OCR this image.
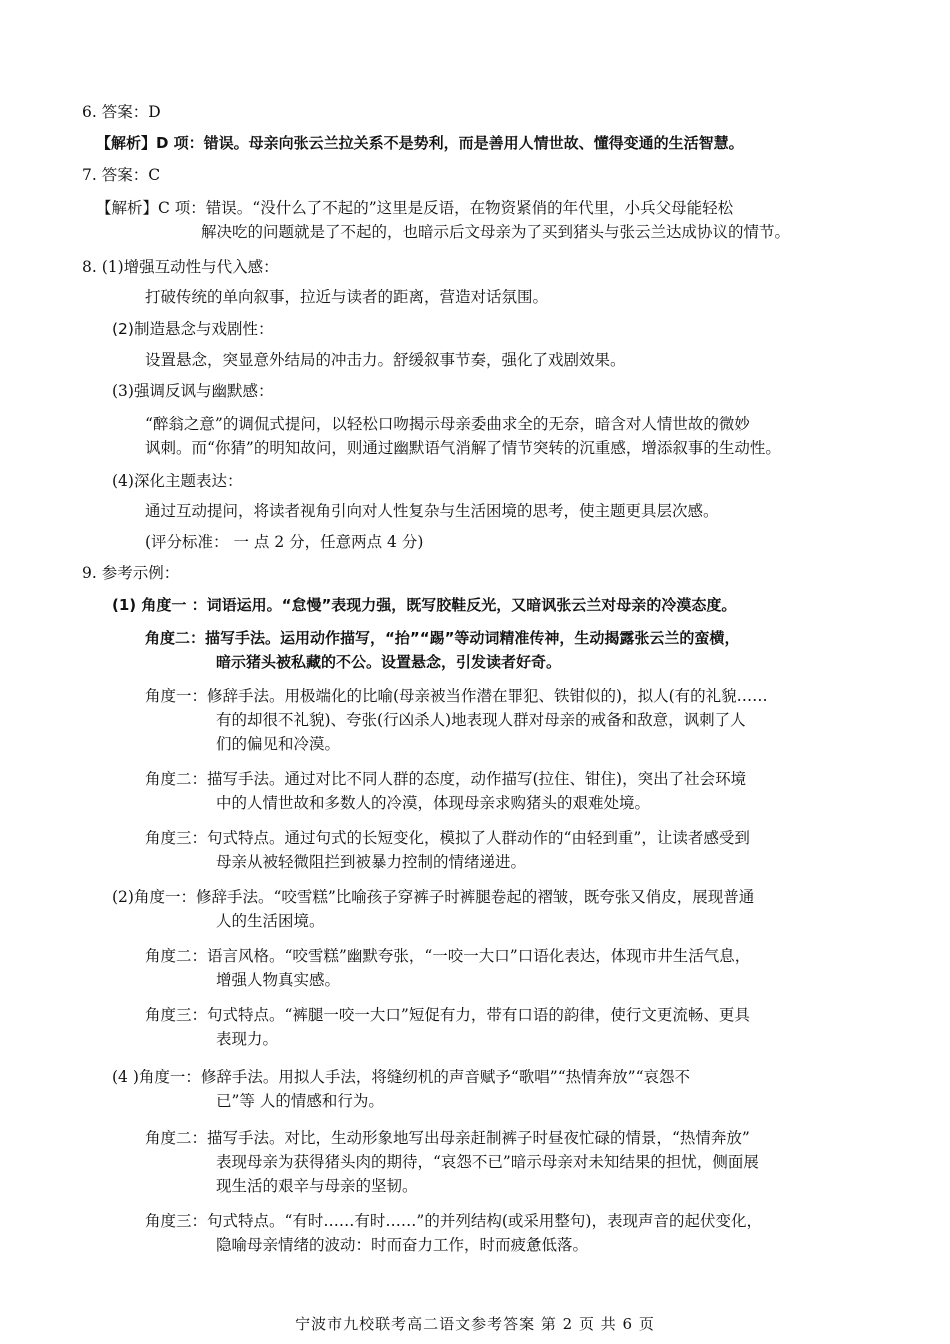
6. 答案：D
【解析】D 项：错误。母亲向张云兰拉关系不是势利，而是善用人情世故、懂得变通的生活智慧。
7. 答案：C
【解析】C 项：错误。“没什么了不起的”这里是反语，在物资紧俏的年代里，小兵父母能轻松
解决吃的问题就是了不起的，也暗示后文母亲为了买到猪头与张云兰达成协议的情节。
8. (1)增强互动性与代入感：
打破传统的单向叙事，拉近与读者的距离，营造对话氛围。
(2)制造悬念与戏剧性：
设置悬念，突显意外结局的冲击力。舒缓叙事节奏，强化了戏剧效果。
(3)强调反讽与幽默感：
“醉翁之意”的调侃式提问，以轻松口吻揭示母亲委曲求全的无奈，暗含对人情世故的微妙
讽刺。而“你猜”的明知故问，则通过幽默语气消解了情节突转的沉重感，增添叙事的生动性。
(4)深化主题表达：
通过互动提问，将读者视角引向对人性复杂与生活困境的思考，使主题更具层次感。
(评分标准： 一 点 2 分，任意两点 4 分)
9. 参考示例：
(1) 角度一 ：词语运用。“怠慢”表现力强，既写胶鞋反光，又暗讽张云兰对母亲的冷漠态度。
角度二：描写手法。运用动作描写，“抬”“踢”等动词精准传神，生动揭露张云兰的蛮横，
暗示猪头被私藏的不公。设置悬念，引发读者好奇。
角度一：修辞手法。用极端化的比喻(母亲被当作潜在罪犯、铁钳似的)，拟人(有的礼貌……
有的却很不礼貌)、夸张(行凶杀人)地表现人群对母亲的戒备和敌意，讽刺了人
们的偏见和冷漠。
角度二：描写手法。通过对比不同人群的态度，动作描写(拉住、钳住)，突出了社会环境
中的人情世故和多数人的冷漠，体现母亲求购猪头的艰难处境。
角度三：句式特点。通过句式的长短变化，模拟了人群动作的“由轻到重”，让读者感受到
母亲从被轻微阻拦到被暴力控制的情绪递进。
(2)角度一：修辞手法。“咬雪糕”比喻孩子穿裤子时裤腿卷起的褶皱，既夸张又俏皮，展现普通
人的生活困境。
角度二：语言风格。“咬雪糕”幽默夸张，“一咬一大口”口语化表达，体现市井生活气息，
增强人物真实感。
角度三：句式特点。“裤腿一咬一大口”短促有力，带有口语的韵律，使行文更流畅、更具
表现力。
(4 )角度一：修辞手法。用拟人手法，将缝纫机的声音赋予“歌唱”“热情奔放”“哀怨不
已”等 人的情感和行为。
角度二：描写手法。对比，生动形象地写出母亲赶制裤子时昼夜忙碌的情景，“热情奔放”
表现母亲为获得猪头肉的期待，“哀怨不已”暗示母亲对未知结果的担忧，侧面展
现生活的艰辛与母亲的坚韧。
角度三：句式特点。“有时……有时……”的并列结构(或采用整句)，表现声音的起伏变化，
隐喻母亲情绪的波动：时而奋力工作，时而疲惫低落。
宁波市九校联考高二语文参考答案 第 2 页 共 6 页
